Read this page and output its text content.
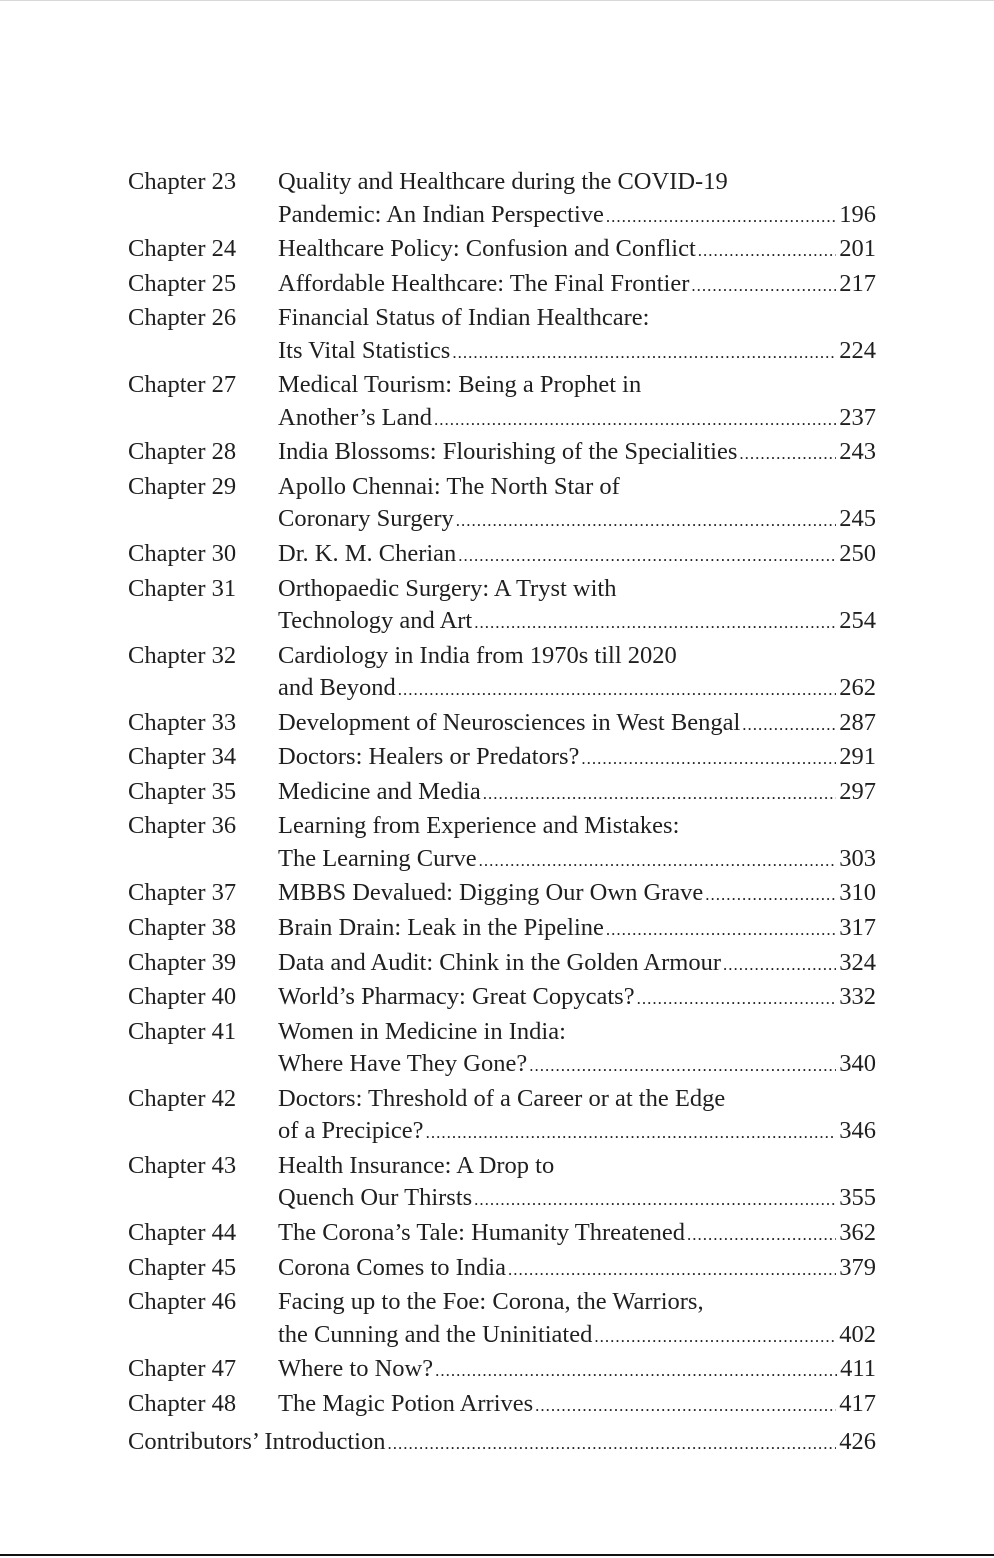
Chapter 23	Quality and Healthcare during the COVID-19
Pandemic: An Indian Perspective .....	196
Chapter 24	Healthcare Policy: Confusion and Conflict .....	201
Chapter 25	Affordable Healthcare: The Final Frontier .....	217
Chapter 26	Financial Status of Indian Healthcare:
Its Vital Statistics .....	224
Chapter 27	Medical Tourism: Being a Prophet in
Another’s Land .....	237
Chapter 28	India Blossoms: Flourishing of the Specialities .....	243
Chapter 29	Apollo Chennai: The North Star of
Coronary Surgery .....	245
Chapter 30	Dr. K. M. Cherian .....	250
Chapter 31	Orthopaedic Surgery: A Tryst with
Technology and Art .....	254
Chapter 32	Cardiology in India from 1970s till 2020
and Beyond .....	262
Chapter 33	Development of Neurosciences in West Bengal .....	287
Chapter 34	Doctors: Healers or Predators? .....	291
Chapter 35	Medicine and Media .....	297
Chapter 36	Learning from Experience and Mistakes:
The Learning Curve .....	303
Chapter 37	MBBS Devalued: Digging Our Own Grave .....	310
Chapter 38	Brain Drain: Leak in the Pipeline .....	317
Chapter 39	Data and Audit: Chink in the Golden Armour .....	324
Chapter 40	World’s Pharmacy: Great Copycats? .....	332
Chapter 41	Women in Medicine in India:
Where Have They Gone? .....	340
Chapter 42	Doctors: Threshold of a Career or at the Edge
of a Precipice? .....	346
Chapter 43	Health Insurance: A Drop to
Quench Our Thirsts .....	355
Chapter 44	The Corona’s Tale: Humanity Threatened .....	362
Chapter 45	Corona Comes to India .....	379
Chapter 46	Facing up to the Foe: Corona, the Warriors,
the Cunning and the Uninitiated .....	402
Chapter 47	Where to Now? .....	411
Chapter 48	The Magic Potion Arrives .....	417
Contributors’ Introduction .....	426
